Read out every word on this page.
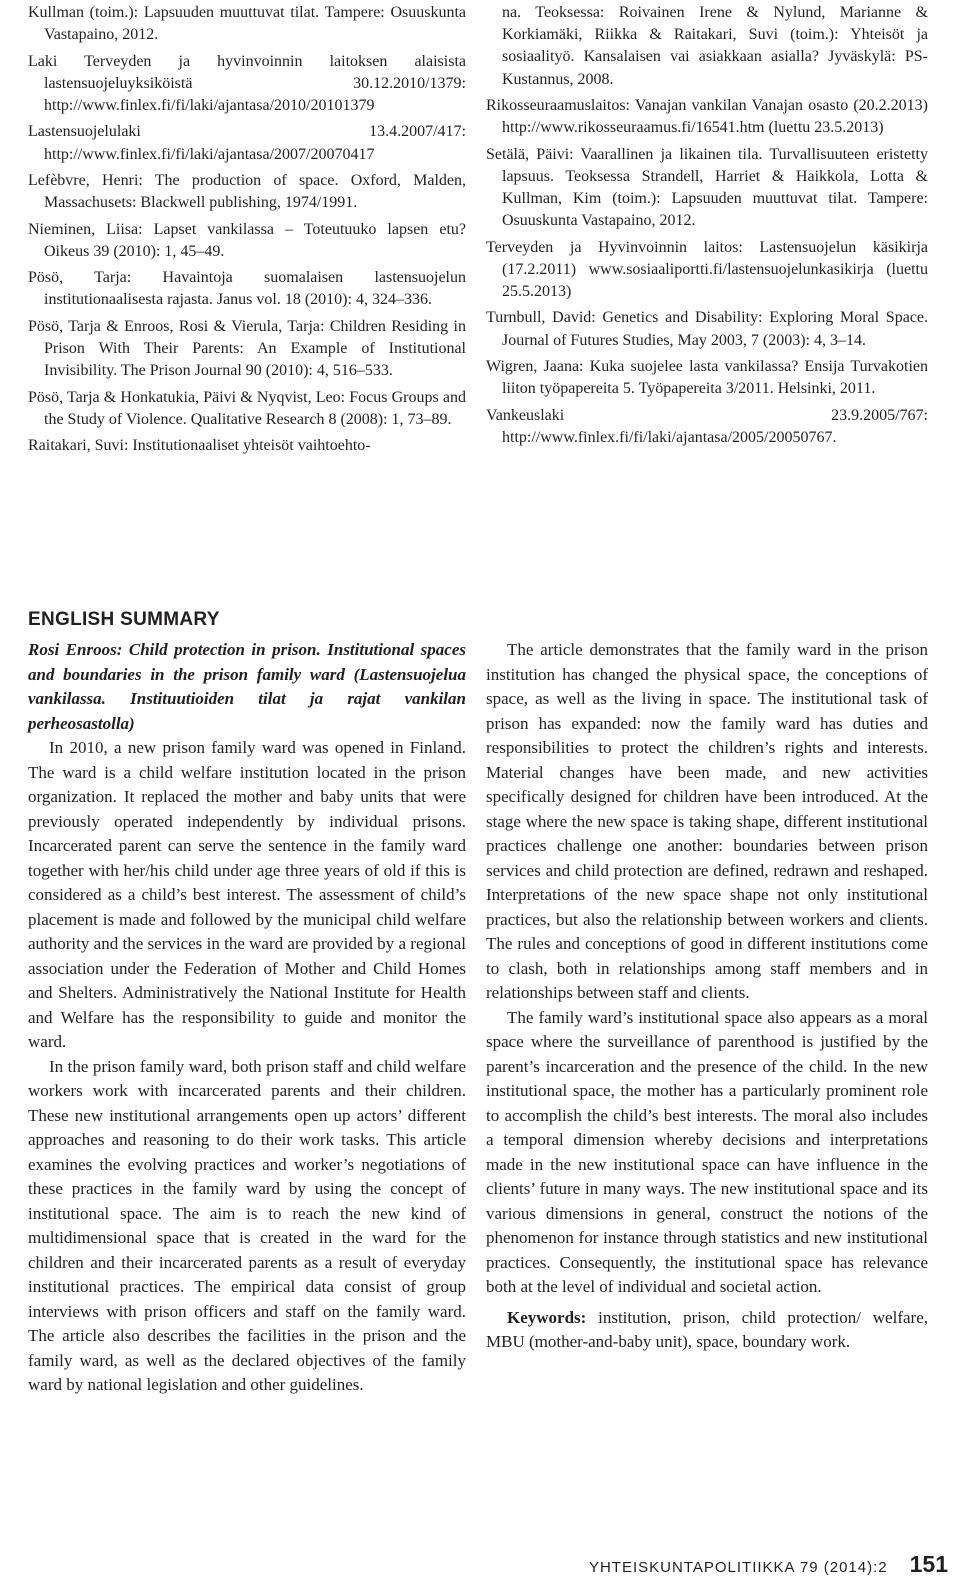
Kullman (toim.): Lapsuuden muuttuvat tilat. Tampere: Osuuskunta Vastapaino, 2012.

Laki Terveyden ja hyvinvoinnin laitoksen alaisista lastensuojeluyksiköistä 30.12.2010/1379: http://www.finlex.fi/fi/laki/ajantasa/2010/20101379

Lastensuojelulaki 13.4.2007/417: http://www.finlex.fi/fi/laki/ajantasa/2007/20070417

Lefèbvre, Henri: The production of space. Oxford, Malden, Massachusets: Blackwell publishing, 1974/1991.

Nieminen, Liisa: Lapset vankilassa – Toteutuuko lapsen etu? Oikeus 39 (2010): 1, 45–49.

Pösö, Tarja: Havaintoja suomalaisen lastensuojelun institutionaalisesta rajasta. Janus vol. 18 (2010): 4, 324–336.

Pösö, Tarja & Enroos, Rosi & Vierula, Tarja: Children Residing in Prison With Their Parents: An Example of Institutional Invisibility. The Prison Journal 90 (2010): 4, 516–533.

Pösö, Tarja & Honkatukia, Päivi & Nyqvist, Leo: Focus Groups and the Study of Violence. Qualitative Research 8 (2008): 1, 73–89.

Raitakari, Suvi: Institutionaaliset yhteisöt vaihtoehto-

na. Teoksessa: Roivainen Irene & Nylund, Marianne & Korkiamäki, Riikka & Raitakari, Suvi (toim.): Yhteisöt ja sosiaalityö. Kansalaisen vai asiakkaan asialla? Jyväskylä: PS-Kustannus, 2008.

Rikosseuraamuslaitos: Vanajan vankilan Vanajan osasto (20.2.2013) http://www.rikosseuraamus.fi/16541.htm (luettu 23.5.2013)

Setälä, Päivi: Vaarallinen ja likainen tila. Turvallisuuteen eristetty lapsuus. Teoksessa Strandell, Harriet & Haikkola, Lotta & Kullman, Kim (toim.): Lapsuuden muuttuvat tilat. Tampere: Osuuskunta Vastapaino, 2012.

Terveyden ja Hyvinvoinnin laitos: Lastensuojelun käsikirja (17.2.2011) www.sosiaaliportti.fi/lastensuojelunkasikirja (luettu 25.5.2013)

Turnbull, David: Genetics and Disability: Exploring Moral Space. Journal of Futures Studies, May 2003, 7 (2003): 4, 3–14.

Wigren, Jaana: Kuka suojelee lasta vankilassa? Ensija Turvakotien liiton työpapereita 5. Työpapereita 3/2011. Helsinki, 2011.

Vankeuslaki 23.9.2005/767: http://www.finlex.fi/fi/laki/ajantasa/2005/20050767.

ENGLISH SUMMARY

Rosi Enroos: Child protection in prison. Institutional spaces and boundaries in the prison family ward (Lastensuojelua vankilassa. Instituutioiden tilat ja rajat vankilan perheosastolla)

In 2010, a new prison family ward was opened in Finland. The ward is a child welfare institution located in the prison organization. It replaced the mother and baby units that were previously operated independently by individual prisons. Incarcerated parent can serve the sentence in the family ward together with her/his child under age three years of old if this is considered as a child’s best interest. The assessment of child’s placement is made and followed by the municipal child welfare authority and the services in the ward are provided by a regional association under the Federation of Mother and Child Homes and Shelters. Administratively the National Institute for Health and Welfare has the responsibility to guide and monitor the ward.

In the prison family ward, both prison staff and child welfare workers work with incarcerated parents and their children. These new institutional arrangements open up actors’ different approaches and reasoning to do their work tasks. This article examines the evolving practices and worker’s negotiations of these practices in the family ward by using the concept of institutional space. The aim is to reach the new kind of multidimensional space that is created in the ward for the children and their incarcerated parents as a result of everyday institutional practices. The empirical data consist of group interviews with prison officers and staff on the family ward. The article also describes the facilities in the prison and the family ward, as well as the declared objectives of the family ward by national legislation and other guidelines.

The article demonstrates that the family ward in the prison institution has changed the physical space, the conceptions of space, as well as the living in space. The institutional task of prison has expanded: now the family ward has duties and responsibilities to protect the children’s rights and interests. Material changes have been made, and new activities specifically designed for children have been introduced. At the stage where the new space is taking shape, different institutional practices challenge one another: boundaries between prison services and child protection are defined, redrawn and reshaped. Interpretations of the new space shape not only institutional practices, but also the relationship between workers and clients. The rules and conceptions of good in different institutions come to clash, both in relationships among staff members and in relationships between staff and clients.

The family ward’s institutional space also appears as a moral space where the surveillance of parenthood is justified by the parent’s incarceration and the presence of the child. In the new institutional space, the mother has a particularly prominent role to accomplish the child’s best interests. The moral also includes a temporal dimension whereby decisions and interpretations made in the new institutional space can have influence in the clients’ future in many ways. The new institutional space and its various dimensions in general, construct the notions of the phenomenon for instance through statistics and new institutional practices. Consequently, the institutional space has relevance both at the level of individual and societal action.

Keywords: institution, prison, child protection/ welfare, MBU (mother-and-baby unit), space, boundary work.

YHTEISKUNTAPOLITIIKKA 79 (2014):2 151
